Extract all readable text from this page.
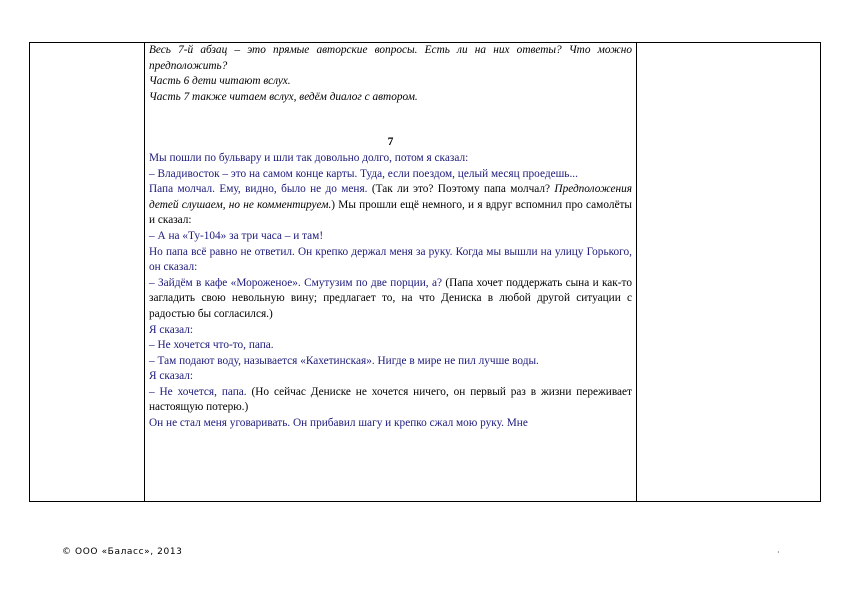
Весь 7-й абзац – это прямые авторские вопросы. Есть ли на них ответы? Что можно предположить?

Часть 6 дети читают вслух.

Часть 7 также читаем вслух, ведём диалог с автором.

7

Мы пошли по бульвару и шли так довольно долго, потом я сказал:

– Владивосток – это на самом конце карты. Туда, если поездом, целый месяц проедешь...

Папа молчал. Ему, видно, было не до меня. (Так ли это? Поэтому папа молчал? Предположения детей слушаем, но не комментируем.) Мы прошли ещё немного, и я вдруг вспомнил про самолёты и сказал:

– А на «Ту-104» за три часа – и там!

Но папа всё равно не ответил. Он крепко держал меня за руку. Когда мы вышли на улицу Горького, он сказал:

– Зайдём в кафе «Мороженое». Смутузим по две порции, а? (Папа хочет поддержать сына и как-то загладить свою невольную вину; предлагает то, на что Дениска в любой другой ситуации с радостью бы согласился.)

Я сказал:

– Не хочется что-то, папа.

– Там подают воду, называется «Кахетинская». Нигде в мире не пил лучше воды.

Я сказал:

– Не хочется, папа. (Но сейчас Дениске не хочется ничего, он первый раз в жизни переживает настоящую потерю.)

Он не стал меня уговаривать. Он прибавил шагу и крепко сжал мою руку. Мне

© ООО «Баласс», 2013	·
